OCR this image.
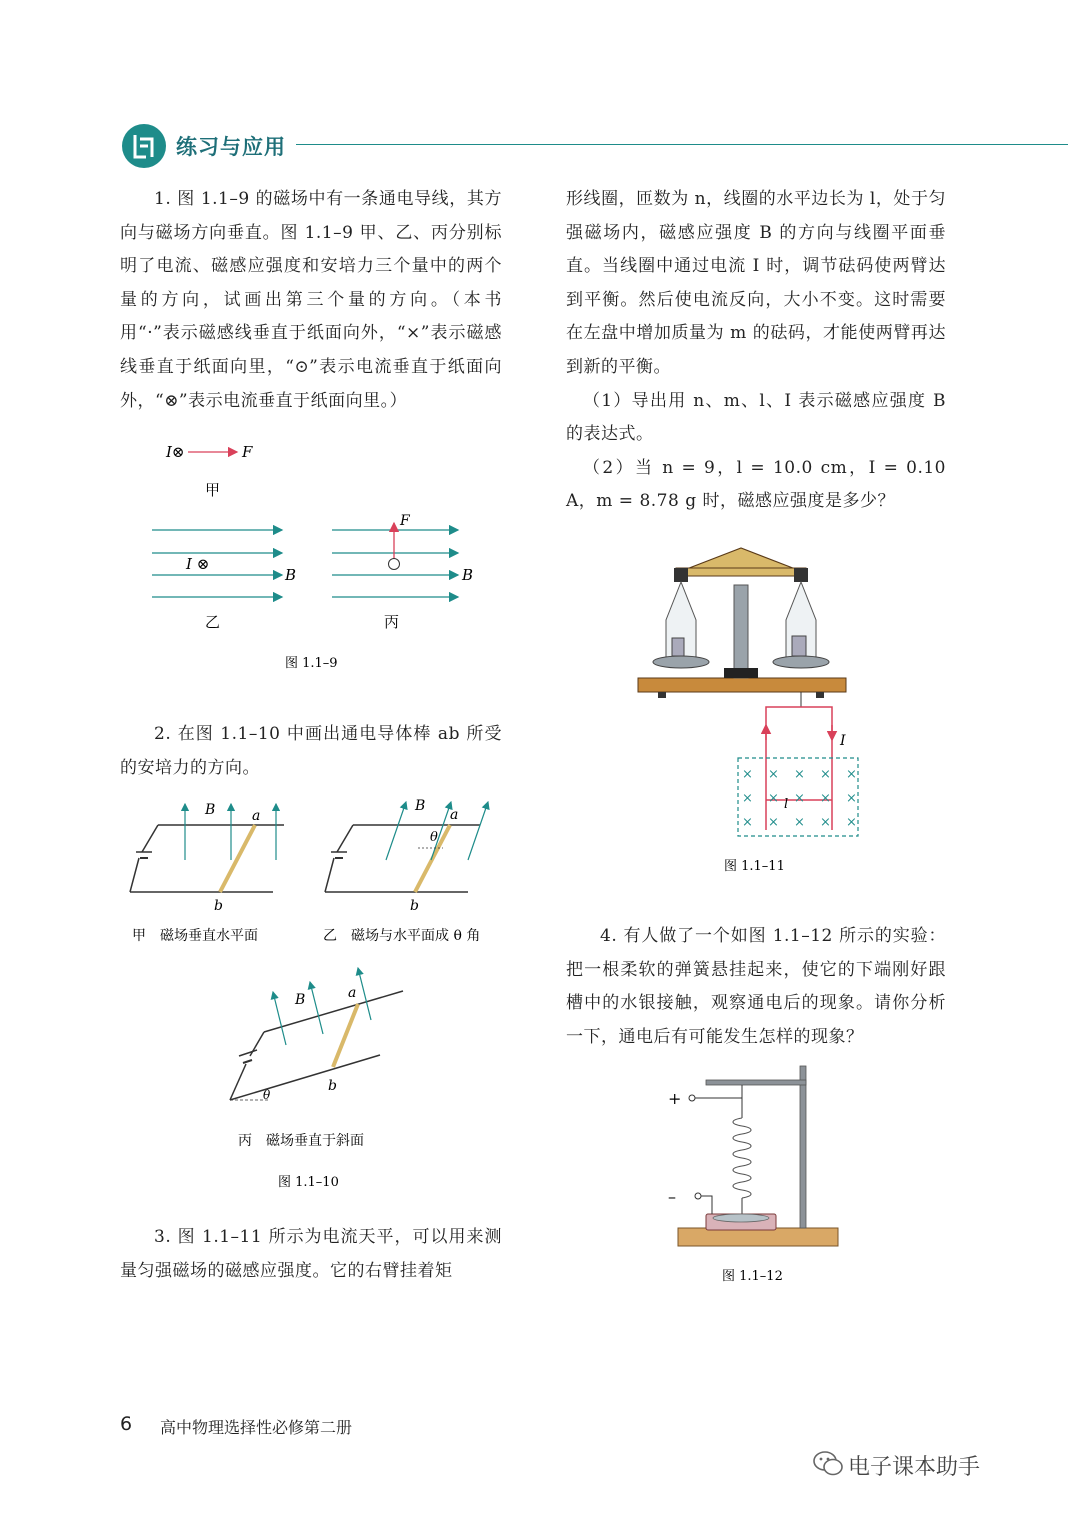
练习与应用

1. 图 1.1–9 的磁场中有一条通电导线，其方向与磁场方向垂直。图 1.1–9 甲、乙、丙分别标明了电流、磁感应强度和安培力三个量中的两个量的方向，试画出第三个量的方向。（本书用“·”表示磁感线垂直于纸面向外，“×”表示磁感线垂直于纸面向里，“⊙”表示电流垂直于纸面向外，“⊗”表示电流垂直于纸面向里。）

I⊗	F
甲
I ⊗
B
乙
F
B
丙
图 1.1–9

2. 在图 1.1–10 中画出通电导体棒 ab 所受的安培力的方向。

B	a
b
甲　磁场垂直水平面
B
θ
a
b
乙　磁场与水平面成 θ 角
B	a
b
θ
丙　磁场垂直于斜面
图 1.1–10

3. 图 1.1–11 所示为电流天平，可以用来测量匀强磁场的磁感应强度。它的右臂挂着矩

形线圈，匝数为 n，线圈的水平边长为 l，处于匀强磁场内，磁感应强度 B 的方向与线圈平面垂直。当线圈中通过电流 I 时，调节砝码使两臂达到平衡。然后使电流反向，大小不变。这时需要在左盘中增加质量为 m 的砝码，才能使两臂再达到新的平衡。

（1）导出用 n、m、l、I 表示磁感应强度 B 的表达式。

（2）当 n = 9，l = 10.0 cm，I = 0.10 A，m = 8.78 g 时，磁感应强度是多少？

I
× × × × ×
× × × × ×
× × × × ×
l
图 1.1–11

4. 有人做了一个如图 1.1–12 所示的实验：把一根柔软的弹簧悬挂起来，使它的下端刚好跟槽中的水银接触，观察通电后的现象。请你分析一下，通电后有可能发生怎样的现象？

+
–
图 1.1–12
6 高中物理选择性必修第二册
电子课本助手
